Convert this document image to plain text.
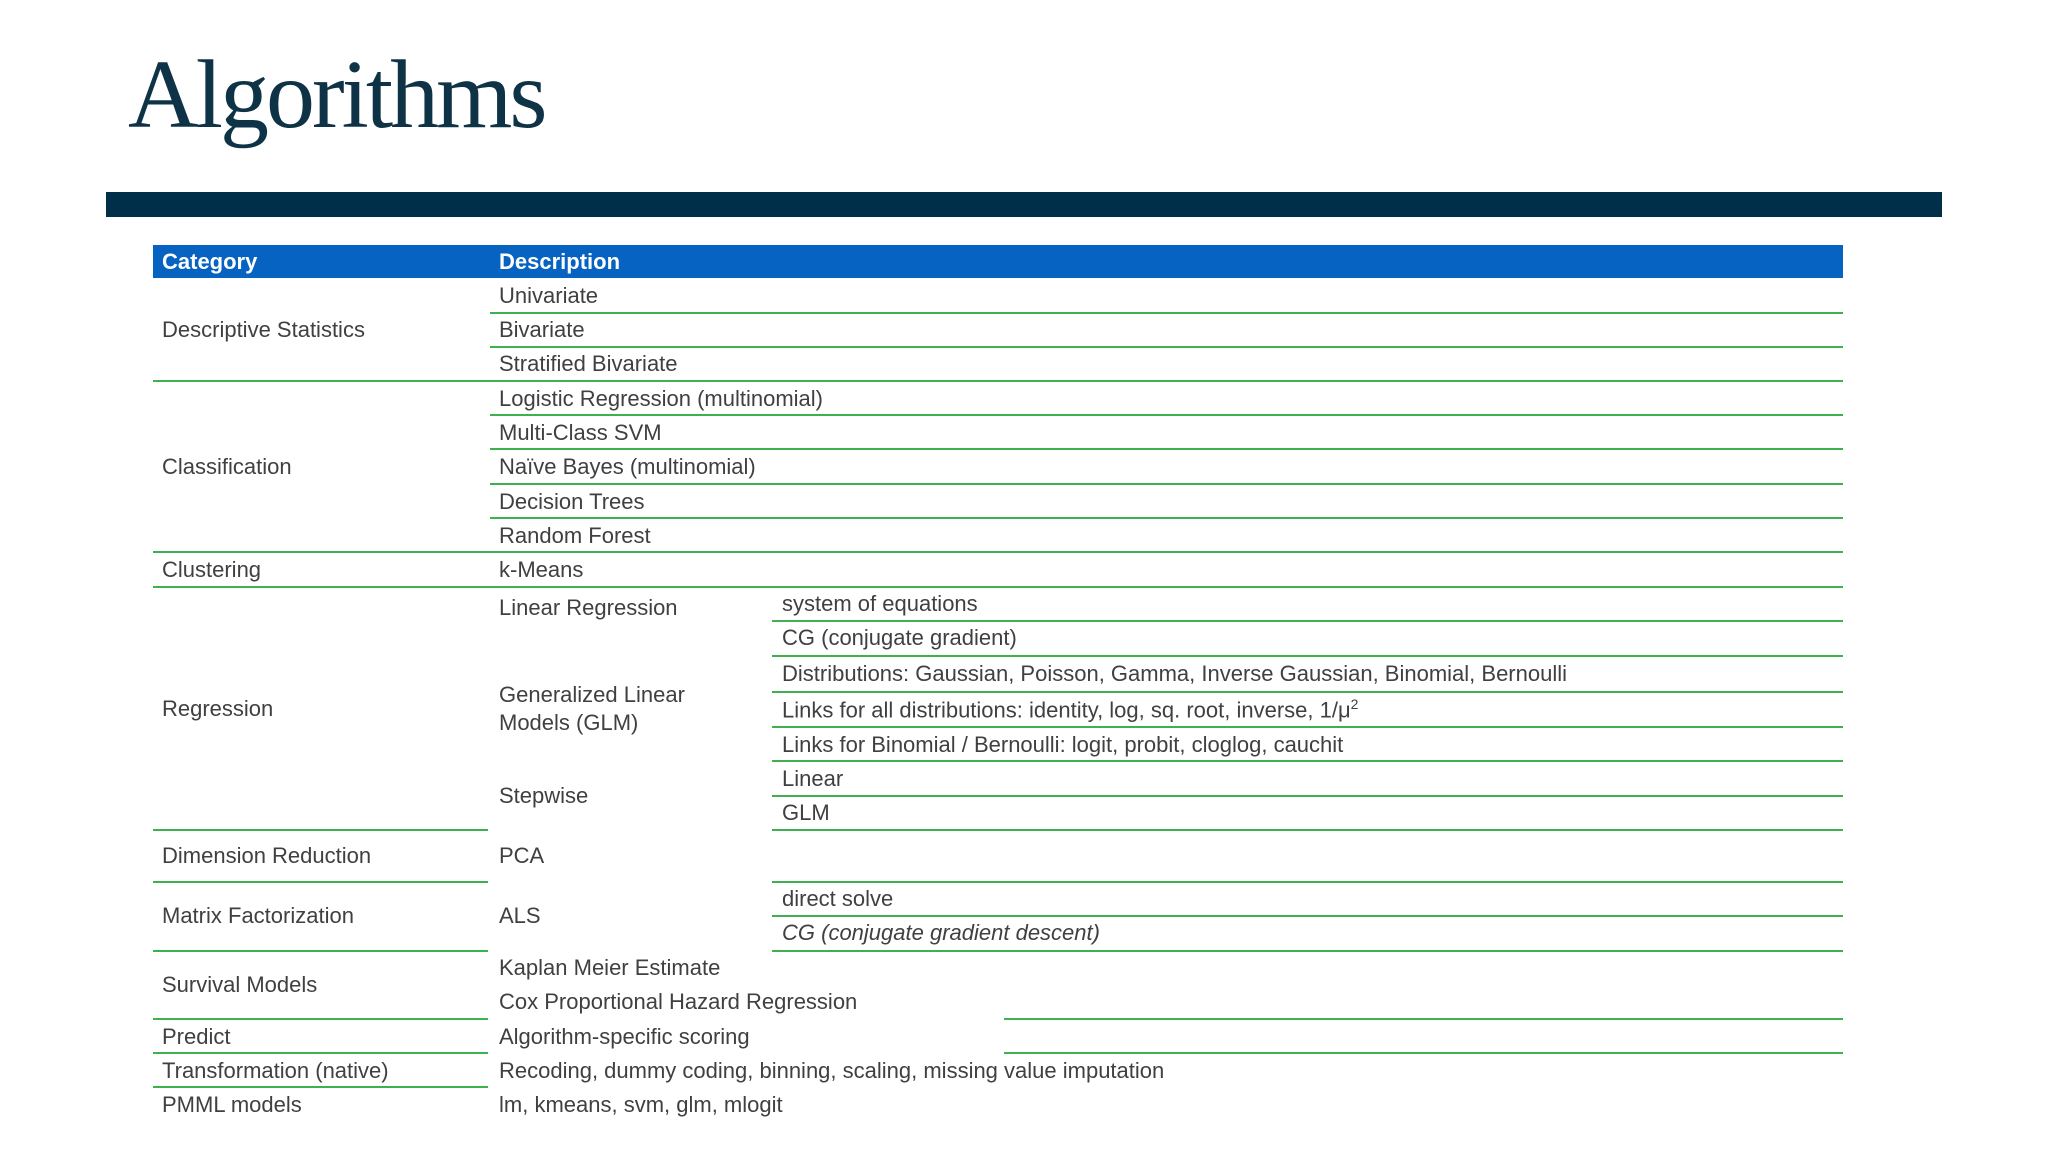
Algorithms
Category	Description
Descriptive Statistics
Classification
Clustering
Regression
Dimension Reduction
Matrix Factorization
Survival Models
Predict
Transformation (native)
PMML models
Univariate
Bivariate
Stratified Bivariate
Logistic Regression (multinomial)
Multi-Class SVM
Naïve Bayes (multinomial)
Decision Trees
Random Forest
k-Means
Linear Regression
Generalized Linear
Models (GLM)
Stepwise
PCA
ALS
Kaplan Meier Estimate
Cox Proportional Hazard Regression
Algorithm-specific scoring
Recoding, dummy coding, binning, scaling, missing value imputation
lm, kmeans, svm, glm, mlogit
system of equations
CG (conjugate gradient)
Distributions: Gaussian, Poisson, Gamma, Inverse Gaussian, Binomial, Bernoulli
Links for all distributions: identity, log, sq. root, inverse, $1/\mu^2$
Links for Binomial / Bernoulli: logit, probit, cloglog, cauchit
Linear
GLM
direct solve
CG (conjugate gradient descent)
